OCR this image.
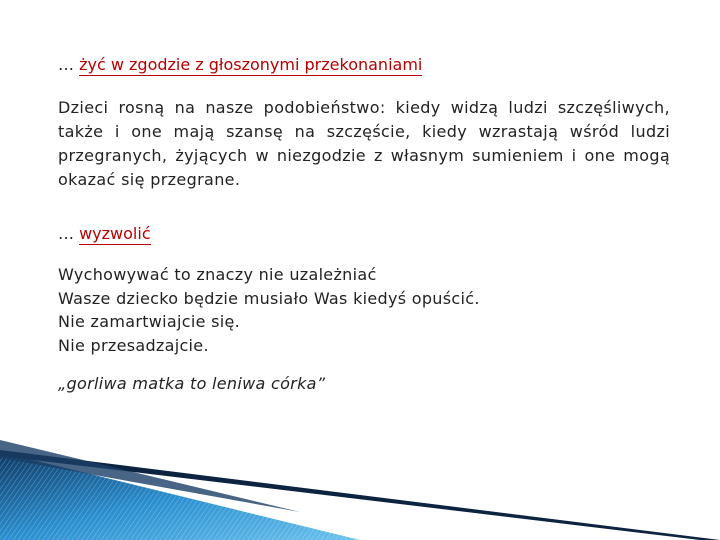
… żyć w zgodzie z głoszonymi przekonaniami
Dzieci rosną na nasze podobieństwo: kiedy widzą ludzi szczęśliwych, także i one mają szansę na szczęście, kiedy wzrastają wśród ludzi przegranych, żyjących w niezgodzie z własnym sumieniem i one mogą okazać się przegrane.
… wyzwolić
Wychowywać to znaczy nie uzależniać
Wasze dziecko będzie musiało Was kiedyś opuścić.
Nie zamartwiajcie się.
Nie przesadzajcie.
„gorliwa matka to leniwa córka”
